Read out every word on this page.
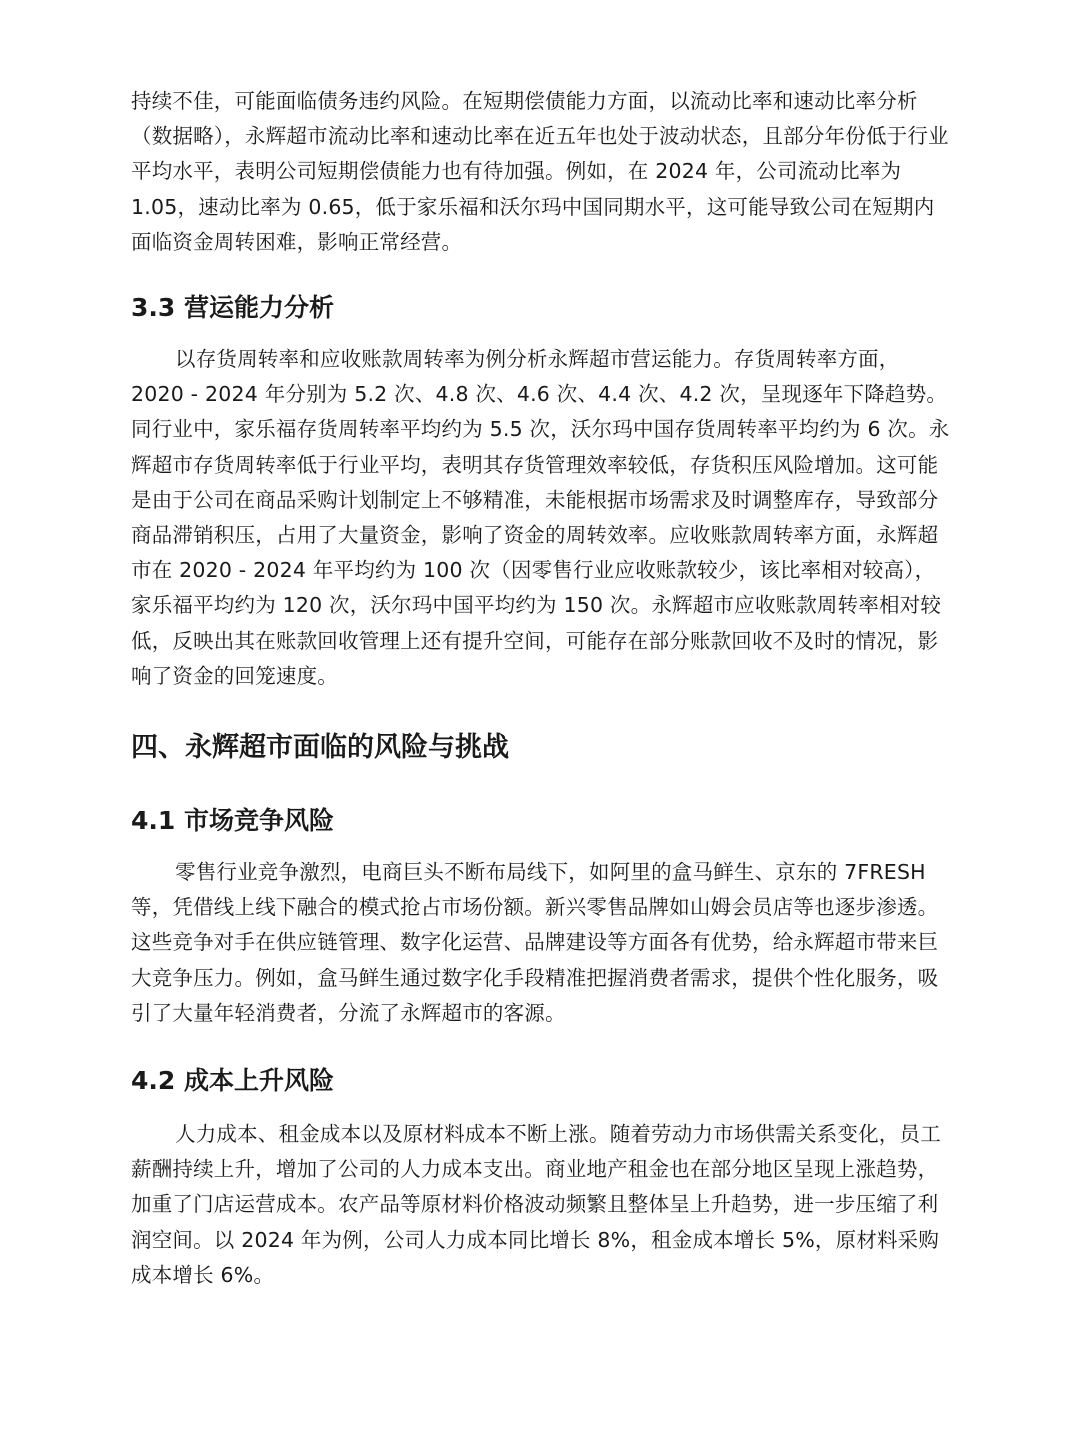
持续不佳，可能面临债务违约风险。在短期偿债能力方面，以流动比率和速动比率分析（数据略），永辉超市流动比率和速动比率在近五年也处于波动状态，且部分年份低于行业平均水平，表明公司短期偿债能力也有待加强。例如，在 2024 年，公司流动比率为 1.05，速动比率为 0.65，低于家乐福和沃尔玛中国同期水平，这可能导致公司在短期内面临资金周转困难，影响正常经营。

3.3 营运能力分析

以存货周转率和应收账款周转率为例分析永辉超市营运能力。存货周转率方面，2020 - 2024 年分别为 5.2 次、4.8 次、4.6 次、4.4 次、4.2 次，呈现逐年下降趋势。同行业中，家乐福存货周转率平均约为 5.5 次，沃尔玛中国存货周转率平均约为 6 次。永辉超市存货周转率低于行业平均，表明其存货管理效率较低，存货积压风险增加。这可能是由于公司在商品采购计划制定上不够精准，未能根据市场需求及时调整库存，导致部分商品滞销积压，占用了大量资金，影响了资金的周转效率。应收账款周转率方面，永辉超市在 2020 - 2024 年平均约为 100 次（因零售行业应收账款较少，该比率相对较高），家乐福平均约为 120 次，沃尔玛中国平均约为 150 次。永辉超市应收账款周转率相对较低，反映出其在账款回收管理上还有提升空间，可能存在部分账款回收不及时的情况，影响了资金的回笼速度。

四、永辉超市面临的风险与挑战
4.1 市场竞争风险

零售行业竞争激烈，电商巨头不断布局线下，如阿里的盒马鲜生、京东的 7FRESH 等，凭借线上线下融合的模式抢占市场份额。新兴零售品牌如山姆会员店等也逐步渗透。这些竞争对手在供应链管理、数字化运营、品牌建设等方面各有优势，给永辉超市带来巨大竞争压力。例如，盒马鲜生通过数字化手段精准把握消费者需求，提供个性化服务，吸引了大量年轻消费者，分流了永辉超市的客源。

4.2 成本上升风险

人力成本、租金成本以及原材料成本不断上涨。随着劳动力市场供需关系变化，员工薪酬持续上升，增加了公司的人力成本支出。商业地产租金也在部分地区呈现上涨趋势，加重了门店运营成本。农产品等原材料价格波动频繁且整体呈上升趋势，进一步压缩了利润空间。以 2024 年为例，公司人力成本同比增长 8%，租金成本增长 5%，原材料采购成本增长 6%。
